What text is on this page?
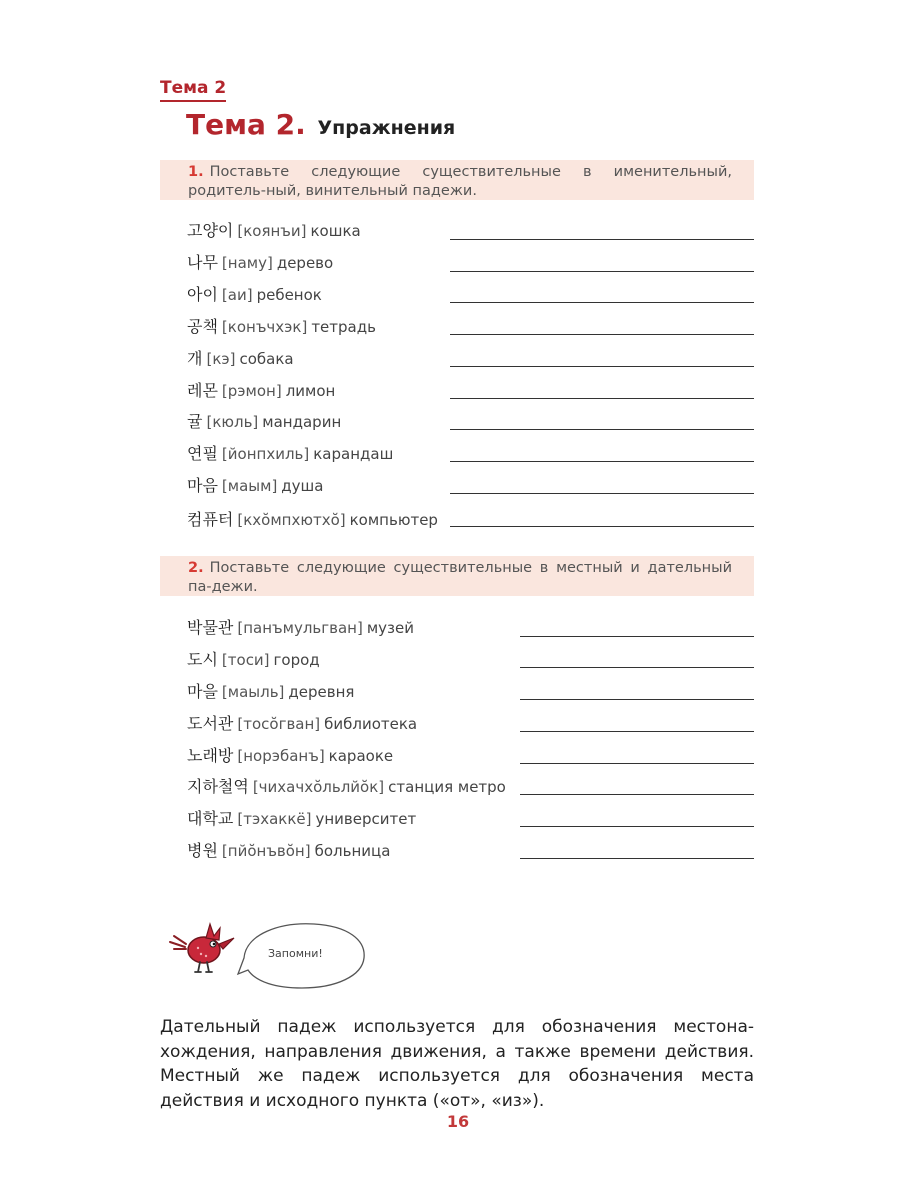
Тема 2
Тема 2. Упражнения
1. Поставьте следующие существительные в именительный, родитель-ный, винительный падежи.
고양이 [коянъи] кошка
나무 [наму] дерево
아이 [аи] ребенок
공책 [конъчхэк] тетрадь
개 [кэ] собака
레몬 [рэмон] лимон
귤 [кюль] мандарин
연필 [йонпхиль] карандаш
마음 [маым] душа
컴퓨터 [кхŏмпхютхŏ] компьютер
2. Поставьте следующие существительные в местный и дательный па-дежи.
박물관 [панъмульгван] музей
도시 [тоси] город
마을 [маыль] деревня
도서관 [тосŏгван] библиотека
노래방 [норэбанъ] караоке
지하철역 [чихачхŏльлйŏк] станция метро
대학교 [тэхаккё] университет
병원 [пйŏнъвŏн] больница
Запомни!
Дательный падеж используется для обозначения местона-хождения, направления движения, а также времени действия. Местный же падеж используется для обозначения места действия и исходного пункта («от», «из»).
16
